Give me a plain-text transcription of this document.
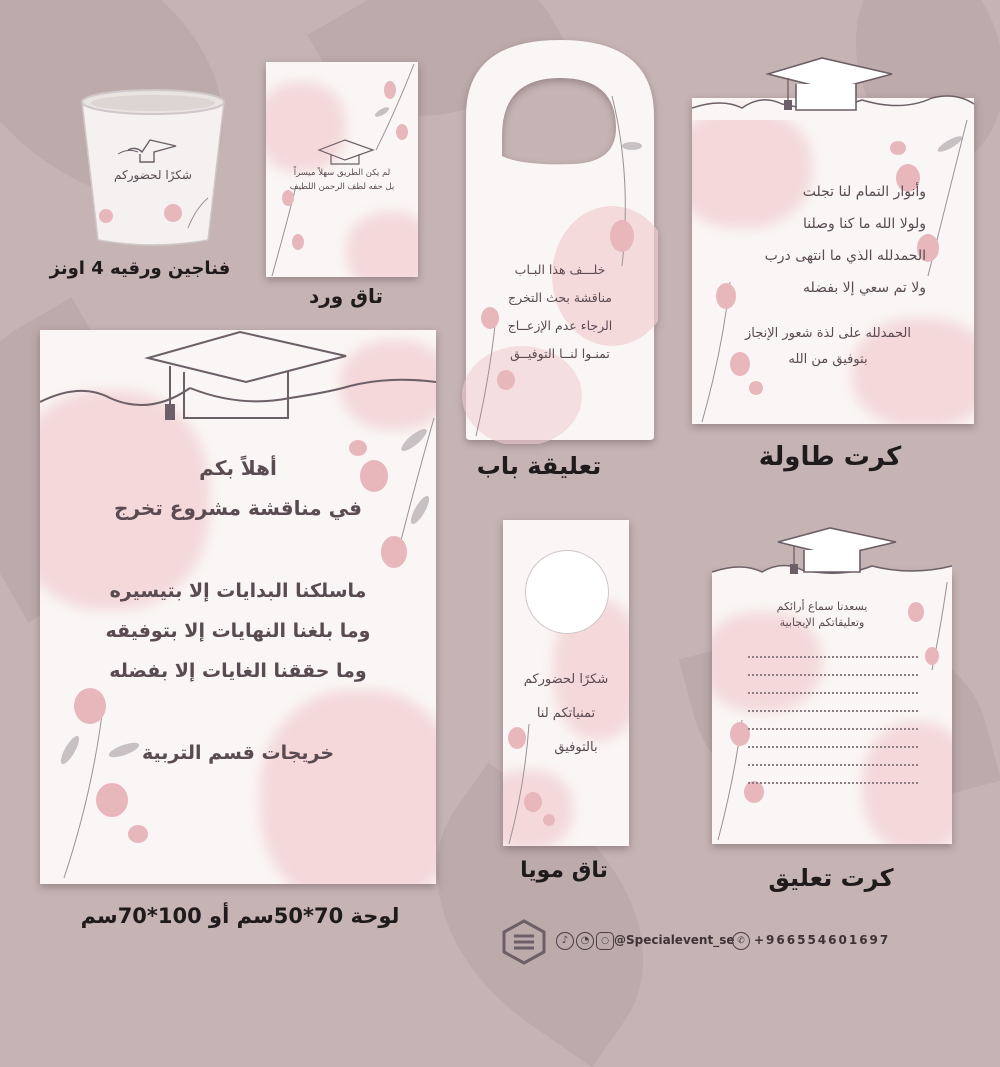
شكرًا لحضوركم
فناجين ورقيه 4 اونز
لم يكن الطريق سهلاً ميسراً
بل حفه لطف الرحمن اللطيف
تاق ورد
خلـــف هذا البـاب
مناقشة بحث التخرج
الرجاء عدم الإزعــاج
تمنـوا لنــا التوفيــق
تعليقة باب
وأنوار التمام لنا تجلت
ولولا الله ما كنا وصلنا
الحمدلله الذي ما انتهى درب
ولا تم سعي إلا بفضله
الحمدلله على لذة شعور الإنجاز
بتوفيق من الله
كرت طاولة
أهلاً بكم
في مناقشة مشروع تخرج
ماسلكنا البدايات إلا بتيسيره
وما بلغنا النهايات إلا بتوفيقه
وما حققنا الغايات إلا بفضله
خريجات قسم التربية
لوحة 70*50سم أو 100*70سم
شكرًا لحضوركم
تمنياتكم لنا
بالتوفيق
تاق مويا
يسعدنا سماع أرائكم
وتعليقاتكم الإيجابية
كرت تعليق
♪	◔	○ @Specialevent_se ✆ +966554601697
